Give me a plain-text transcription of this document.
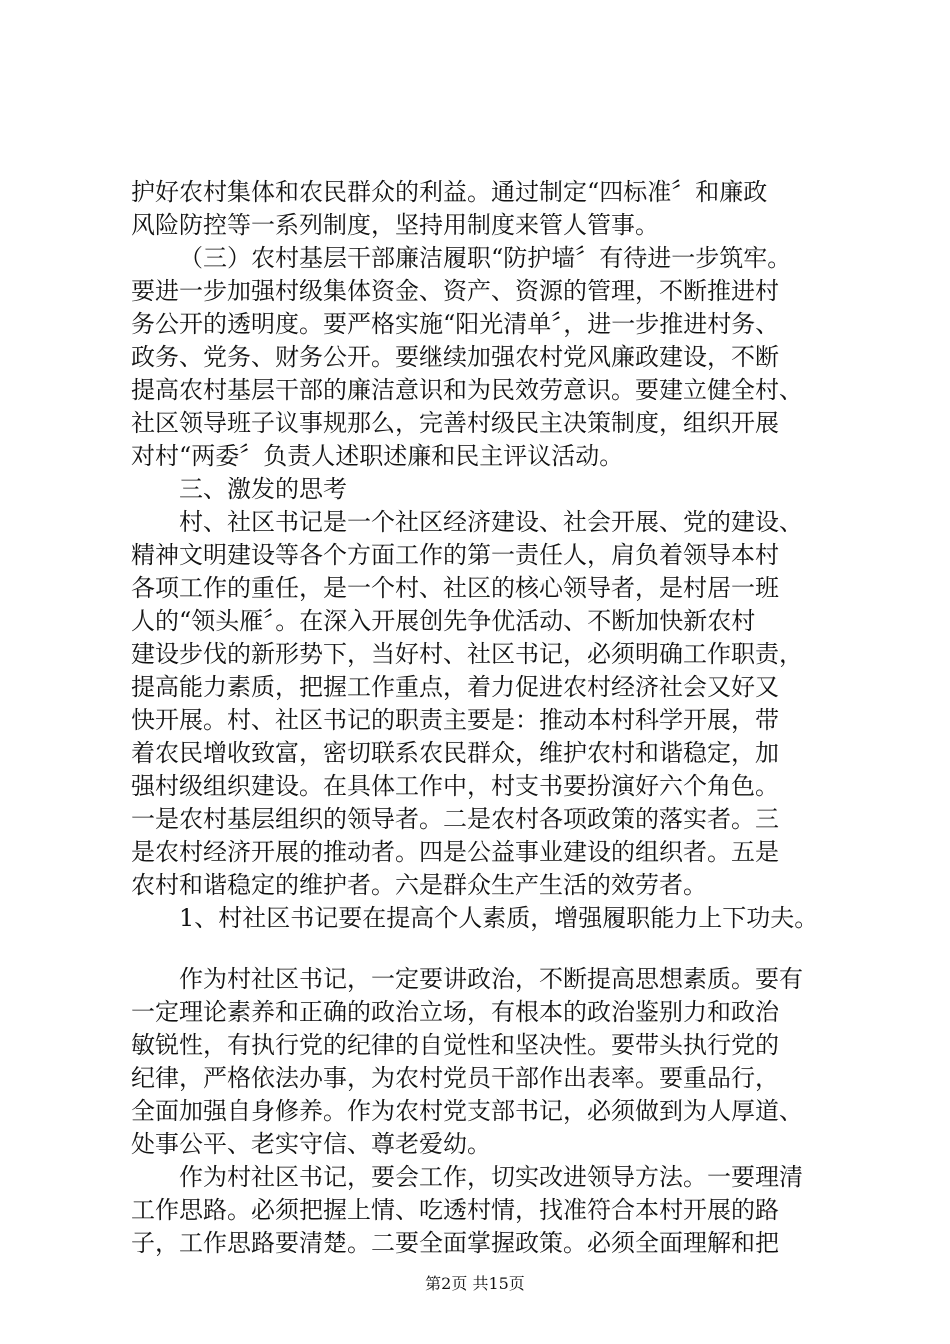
护好农村集体和农民群众的利益。通过制定“四标准〞和廉政
风险防控等一系列制度，坚持用制度来管人管事。
（三）农村基层干部廉洁履职“防护墙〞有待进一步筑牢。
要进一步加强村级集体资金、资产、资源的管理，不断推进村
务公开的透明度。要严格实施“阳光清单〞，进一步推进村务、
政务、党务、财务公开。要继续加强农村党风廉政建设，不断
提高农村基层干部的廉洁意识和为民效劳意识。要建立健全村、
社区领导班子议事规那么，完善村级民主决策制度，组织开展
对村“两委〞负责人述职述廉和民主评议活动。
三、激发的思考
村、社区书记是一个社区经济建设、社会开展、党的建设、
精神文明建设等各个方面工作的第一责任人，肩负着领导本村
各项工作的重任，是一个村、社区的核心领导者，是村居一班
人的“领头雁〞。在深入开展创先争优活动、不断加快新农村
建设步伐的新形势下，当好村、社区书记，必须明确工作职责，
提高能力素质，把握工作重点，着力促进农村经济社会又好又
快开展。村、社区书记的职责主要是：推动本村科学开展，带
着农民增收致富，密切联系农民群众，维护农村和谐稳定，加
强村级组织建设。在具体工作中，村支书要扮演好六个角色。
一是农村基层组织的领导者。二是农村各项政策的落实者。三
是农村经济开展的推动者。四是公益事业建设的组织者。五是
农村和谐稳定的维护者。六是群众生产生活的效劳者。
1、村社区书记要在提高个人素质，增强履职能力上下功夫。
作为村社区书记，一定要讲政治，不断提高思想素质。要有
一定理论素养和正确的政治立场，有根本的政治鉴别力和政治
敏锐性，有执行党的纪律的自觉性和坚决性。要带头执行党的
纪律，严格依法办事，为农村党员干部作出表率。要重品行，
全面加强自身修养。作为农村党支部书记，必须做到为人厚道、
处事公平、老实守信、尊老爱幼。
作为村社区书记，要会工作，切实改进领导方法。一要理清
工作思路。必须把握上情、吃透村情，找准符合本村开展的路
子，工作思路要清楚。二要全面掌握政策。必须全面理解和把
第2页 共15页
